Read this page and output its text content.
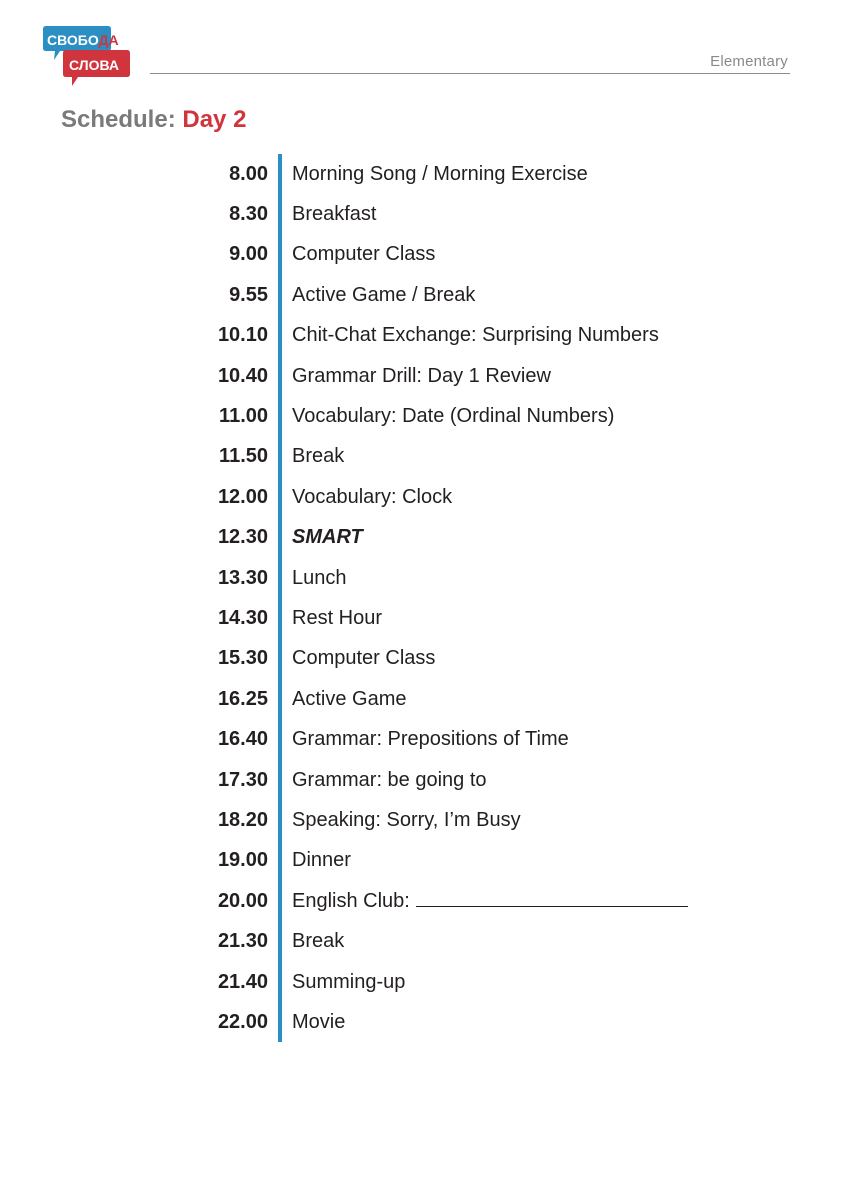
СВОБОДА
СЛОВА	Elementary
Schedule: Day 2
8.00 Morning Song / Morning Exercise
8.30 Breakfast
9.00 Computer Class
9.55 Active Game / Break
10.10 Chit-Chat Exchange: Surprising Numbers
10.40 Grammar Drill: Day 1 Review
11.00 Vocabulary: Date (Ordinal Numbers)
11.50 Break
12.00 Vocabulary: Clock
12.30 SMART
13.30 Lunch
14.30 Rest Hour
15.30 Computer Class
16.25 Active Game
16.40 Grammar: Prepositions of Time
17.30 Grammar: be going to
18.20 Speaking: Sorry, I’m Busy
19.00 Dinner
20.00 English Club:
21.30 Break
21.40 Summing-up
22.00 Movie
